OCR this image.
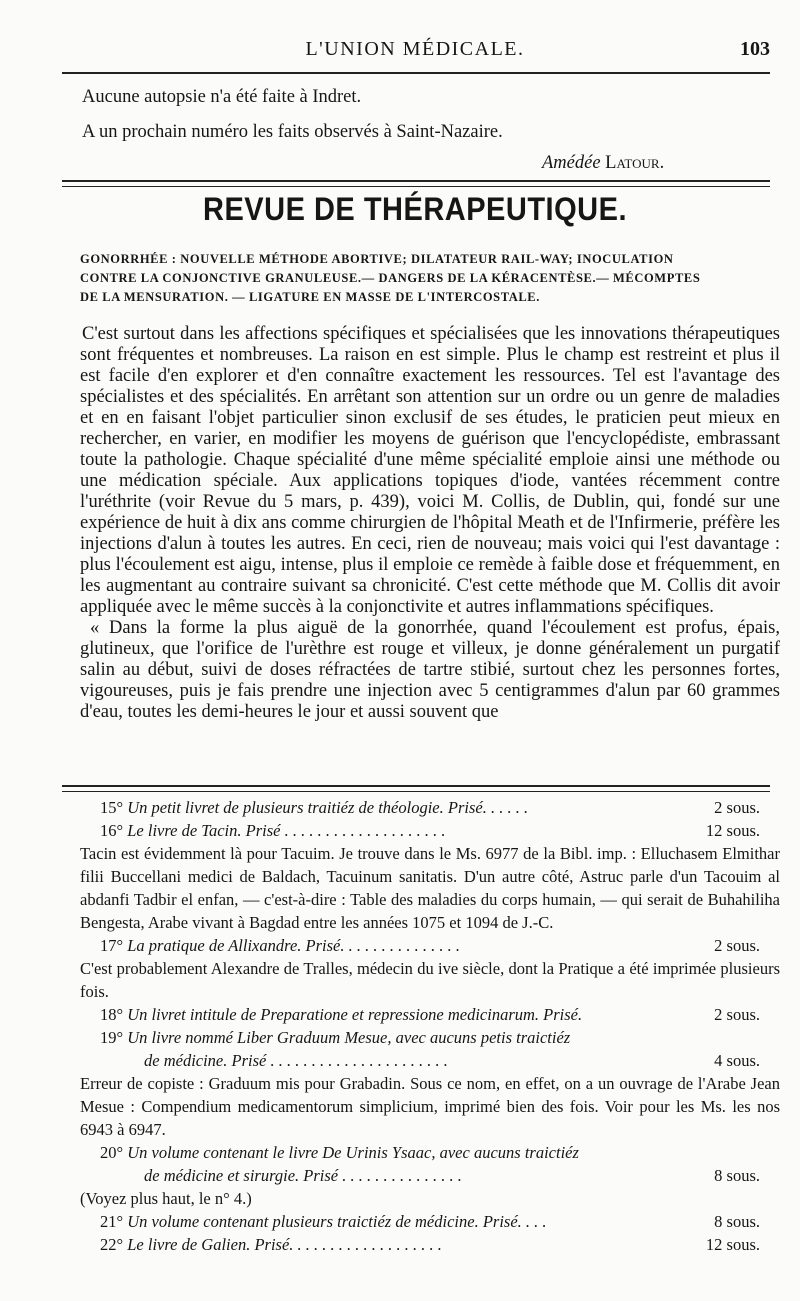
L'UNION MÉDICALE.	103
Aucune autopsie n'a été faite à Indret.
A un prochain numéro les faits observés à Saint-Nazaire.
Amédée Latour.
REVUE DE THÉRAPEUTIQUE.
GONORRHÉE : NOUVELLE MÉTHODE ABORTIVE; DILATATEUR RAIL-WAY; INOCULATION
CONTRE LA CONJONCTIVE GRANULEUSE.— DANGERS DE LA KÉRACENTÈSE.— MÉCOMPTES
DE LA MENSURATION. — LIGATURE EN MASSE DE L'INTERCOSTALE.

C'est surtout dans les affections spécifiques et spécialisées que les innovations thérapeutiques sont fréquentes et nombreuses. La raison en est simple. Plus le champ est restreint et plus il est facile d'en explorer et d'en connaître exactement les ressources. Tel est l'avantage des spécialistes et des spécialités. En arrêtant son attention sur un ordre ou un genre de maladies et en en faisant l'objet particulier sinon exclusif de ses études, le praticien peut mieux en rechercher, en varier, en modifier les moyens de guérison que l'encyclopédiste, embrassant toute la pathologie. Chaque spécialité d'une même spécialité emploie ainsi une méthode ou une médication spéciale. Aux applications topiques d'iode, vantées récemment contre l'uréthrite (voir Revue du 5 mars, p. 439), voici M. Collis, de Dublin, qui, fondé sur une expérience de huit à dix ans comme chirurgien de l'hôpital Meath et de l'Infirmerie, préfère les injections d'alun à toutes les autres. En ceci, rien de nouveau; mais voici qui l'est davantage : plus l'écoulement est aigu, intense, plus il emploie ce remède à faible dose et fréquemment, en les augmentant au contraire suivant sa chronicité. C'est cette méthode que M. Collis dit avoir appliquée avec le même succès à la conjonctivite et autres inflammations spécifiques.

« Dans la forme la plus aiguë de la gonorrhée, quand l'écoulement est profus, épais, glutineux, que l'orifice de l'urèthre est rouge et villeux, je donne généralement un purgatif salin au début, suivi de doses réfractées de tartre stibié, surtout chez les personnes fortes, vigoureuses, puis je fais prendre une injection avec 5 centigrammes d'alun par 60 grammes d'eau, toutes les demi-heures le jour et aussi souvent que

15° Un petit livret de plusieurs traitiéz de théologie. Prisé. . . . . .	2 sous.
16° Le livre de Tacin. Prisé . . . . . . . . . . . . . . . . . . . .	12 sous.
Tacin est évidemment là pour Tacuim. Je trouve dans le Ms. 6977 de la Bibl. imp. : Elluchasem Elmithar filii Buccellani medici de Baldach, Tacuinum sanitatis. D'un autre côté, Astruc parle d'un Tacouim al abdanfi Tadbir el enfan, — c'est-à-dire : Table des maladies du corps humain, — qui serait de Buhahiliha Bengesta, Arabe vivant à Bagdad entre les années 1075 et 1094 de J.-C.
17° La pratique de Allixandre. Prisé. . . . . . . . . . . . . . .	2 sous.
C'est probablement Alexandre de Tralles, médecin du ive siècle, dont la Pratique a été imprimée plusieurs fois.
18° Un livret intitule de Preparatione et repressione medicinarum. Prisé.	2 sous.
19° Un livre nommé Liber Graduum Mesue, avec aucuns petis traictiéz
de médicine. Prisé . . . . . . . . . . . . . . . . . . . . . .	4 sous.
Erreur de copiste : Graduum mis pour Grabadin. Sous ce nom, en effet, on a un ouvrage de l'Arabe Jean Mesue : Compendium medicamentorum simplicium, imprimé bien des fois. Voir pour les Ms. les nos 6943 à 6947.
20° Un volume contenant le livre De Urinis Ysaac, avec aucuns traictiéz
de médicine et sirurgie. Prisé . . . . . . . . . . . . . . .	8 sous.
(Voyez plus haut, le n° 4.)
21° Un volume contenant plusieurs traictiéz de médicine. Prisé. . . .	8 sous.
22° Le livre de Galien. Prisé. . . . . . . . . . . . . . . . . . .	12 sous.
